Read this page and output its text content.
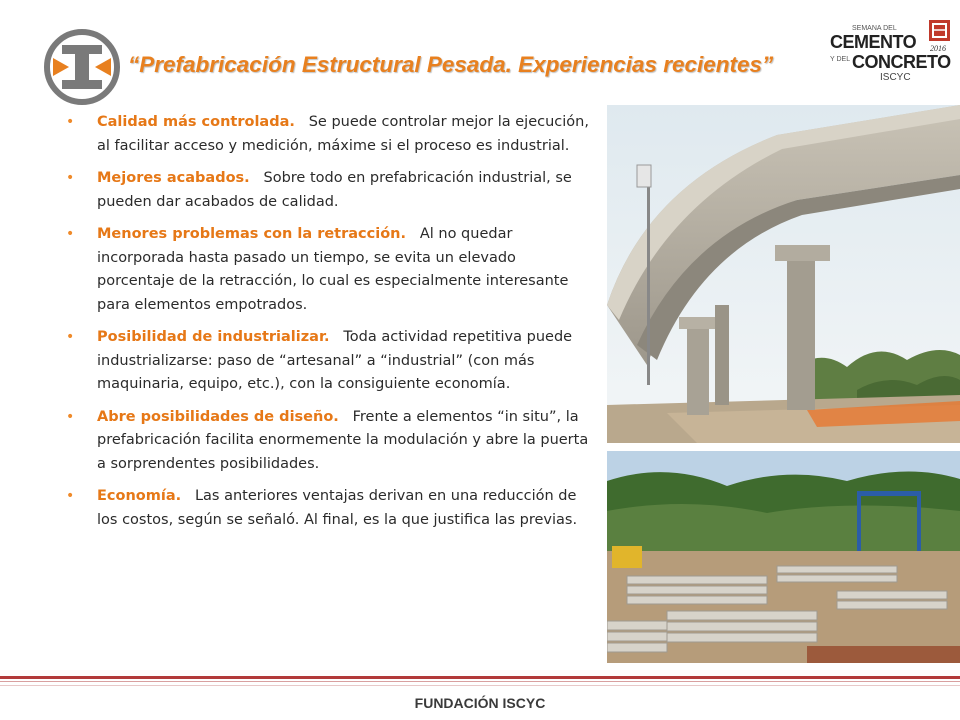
“Prefabricación Estructural Pesada. Experiencias recientes”
SEMANA DEL
CEMENTO
Y DEL CONCRETO
ISCYC
2016
• Calidad más controlada. Se puede controlar mejor la ejecución, al facilitar acceso y medición, máxime si el proceso es industrial.
• Mejores acabados. Sobre todo en prefabricación industrial, se pueden dar acabados de calidad.
• Menores problemas con la retracción. Al no quedar incorporada hasta pasado un tiempo, se evita un elevado porcentaje de la retracción, lo cual es especialmente interesante para elementos empotrados.
• Posibilidad de industrializar. Toda actividad repetitiva puede industrializarse: paso de “artesanal” a “industrial” (con más maquinaria, equipo, etc.), con la consiguiente economía.
• Abre posibilidades de diseño. Frente a elementos “in situ”, la prefabricación facilita enormemente la modulación y abre la puerta a sorprendentes posibilidades.
• Economía. Las anteriores ventajas derivan en una reducción de los costos, según se señaló. Al final, es la que justifica las previas.
FUNDACIÓN ISCYC
